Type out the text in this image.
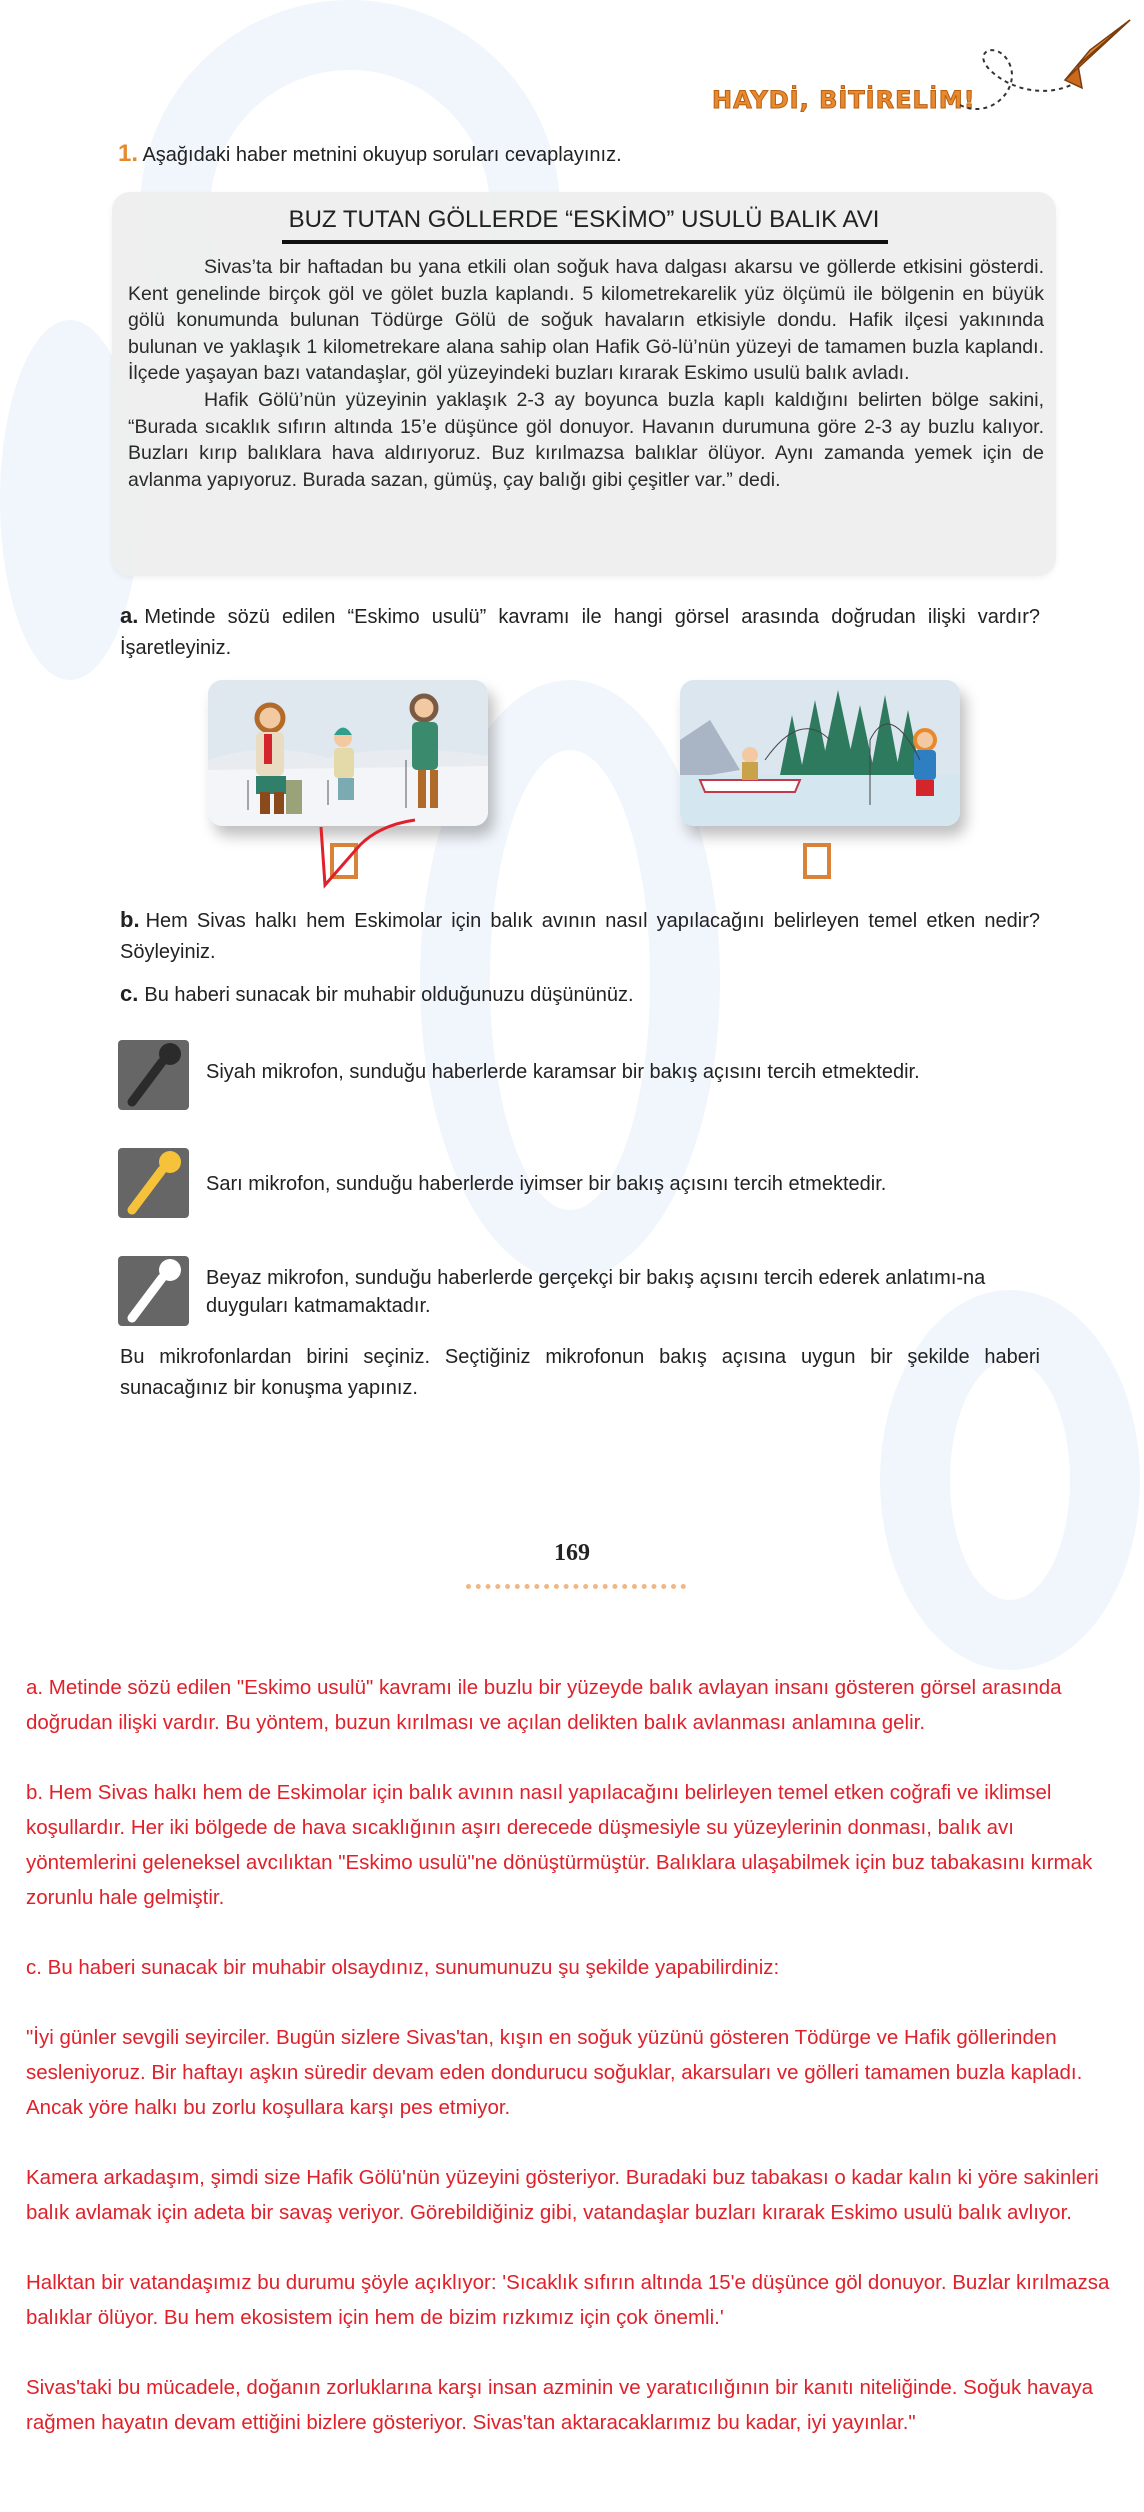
HAYDİ, BİTİRELİM!
1. Aşağıdaki haber metnini okuyup soruları cevaplayınız.
BUZ TUTAN GÖLLERDE “ESKİMO” USULÜ BALIK AVI

Sivas’ta bir haftadan bu yana etkili olan soğuk hava dalgası akarsu ve göllerde etkisini gösterdi. Kent genelinde birçok göl ve gölet buzla kaplandı. 5 kilometrekarelik yüz ölçümü ile bölgenin en büyük gölü konumunda bulunan Tödürge Gölü de soğuk havaların etkisiyle dondu. Hafik ilçesi yakınında bulunan ve yaklaşık 1 kilometrekare alana sahip olan Hafik Gö-lü’nün yüzeyi de tamamen buzla kaplandı. İlçede yaşayan bazı vatandaşlar, göl yüzeyindeki buzları kırarak Eskimo usulü balık avladı.

Hafik Gölü’nün yüzeyinin yaklaşık 2-3 ay boyunca buzla kaplı kaldığını belirten bölge sakini, “Burada sıcaklık sıfırın altında 15’e düşünce göl donuyor. Havanın durumuna göre 2-3 ay buzlu kalıyor. Buzları kırıp balıklara hava aldırıyoruz. Buz kırılmazsa balıklar ölüyor. Aynı zamanda yemek için de avlanma yapıyoruz. Burada sazan, gümüş, çay balığı gibi çeşitler var.” dedi.

a. Metinde sözü edilen “Eskimo usulü” kavramı ile hangi görsel arasında doğrudan ilişki vardır? İşaretleyiniz.
b. Hem Sivas halkı hem Eskimolar için balık avının nasıl yapılacağını belirleyen temel etken nedir? Söyleyiniz.
c. Bu haberi sunacak bir muhabir olduğunuzu düşününüz.
Siyah mikrofon, sunduğu haberlerde karamsar bir bakış açısını tercih etmektedir.
Sarı mikrofon, sunduğu haberlerde iyimser bir bakış açısını tercih etmektedir.
Beyaz mikrofon, sunduğu haberlerde gerçekçi bir bakış açısını tercih ederek anlatımı-na duyguları katmamaktadır.
Bu mikrofonlardan birini seçiniz. Seçtiğiniz mikrofonun bakış açısına uygun bir şekilde haberi sunacağınız bir konuşma yapınız.
169

a. Metinde sözü edilen "Eskimo usulü" kavramı ile buzlu bir yüzeyde balık avlayan insanı gösteren görsel arasında doğrudan ilişki vardır. Bu yöntem, buzun kırılması ve açılan delikten balık avlanması anlamına gelir.

b. Hem Sivas halkı hem de Eskimolar için balık avının nasıl yapılacağını belirleyen temel etken coğrafi ve iklimsel koşullardır. Her iki bölgede de hava sıcaklığının aşırı derecede düşmesiyle su yüzeylerinin donması, balık avı yöntemlerini geleneksel avcılıktan "Eskimo usulü"ne dönüştürmüştür. Balıklara ulaşabilmek için buz tabakasını kırmak zorunlu hale gelmiştir.

c. Bu haberi sunacak bir muhabir olsaydınız, sunumunuzu şu şekilde yapabilirdiniz:

"İyi günler sevgili seyirciler. Bugün sizlere Sivas'tan, kışın en soğuk yüzünü gösteren Tödürge ve Hafik göllerinden sesleniyoruz. Bir haftayı aşkın süredir devam eden dondurucu soğuklar, akarsuları ve gölleri tamamen buzla kapladı. Ancak yöre halkı bu zorlu koşullara karşı pes etmiyor.

Kamera arkadaşım, şimdi size Hafik Gölü'nün yüzeyini gösteriyor. Buradaki buz tabakası o kadar kalın ki yöre sakinleri balık avlamak için adeta bir savaş veriyor. Görebildiğiniz gibi, vatandaşlar buzları kırarak Eskimo usulü balık avlıyor.

Halktan bir vatandaşımız bu durumu şöyle açıklıyor: 'Sıcaklık sıfırın altında 15'e düşünce göl donuyor. Buzlar kırılmazsa balıklar ölüyor. Bu hem ekosistem için hem de bizim rızkımız için çok önemli.'

Sivas'taki bu mücadele, doğanın zorluklarına karşı insan azminin ve yaratıcılığının bir kanıtı niteliğinde. Soğuk havaya rağmen hayatın devam ettiğini bizlere gösteriyor. Sivas'tan aktaracaklarımız bu kadar, iyi yayınlar."
